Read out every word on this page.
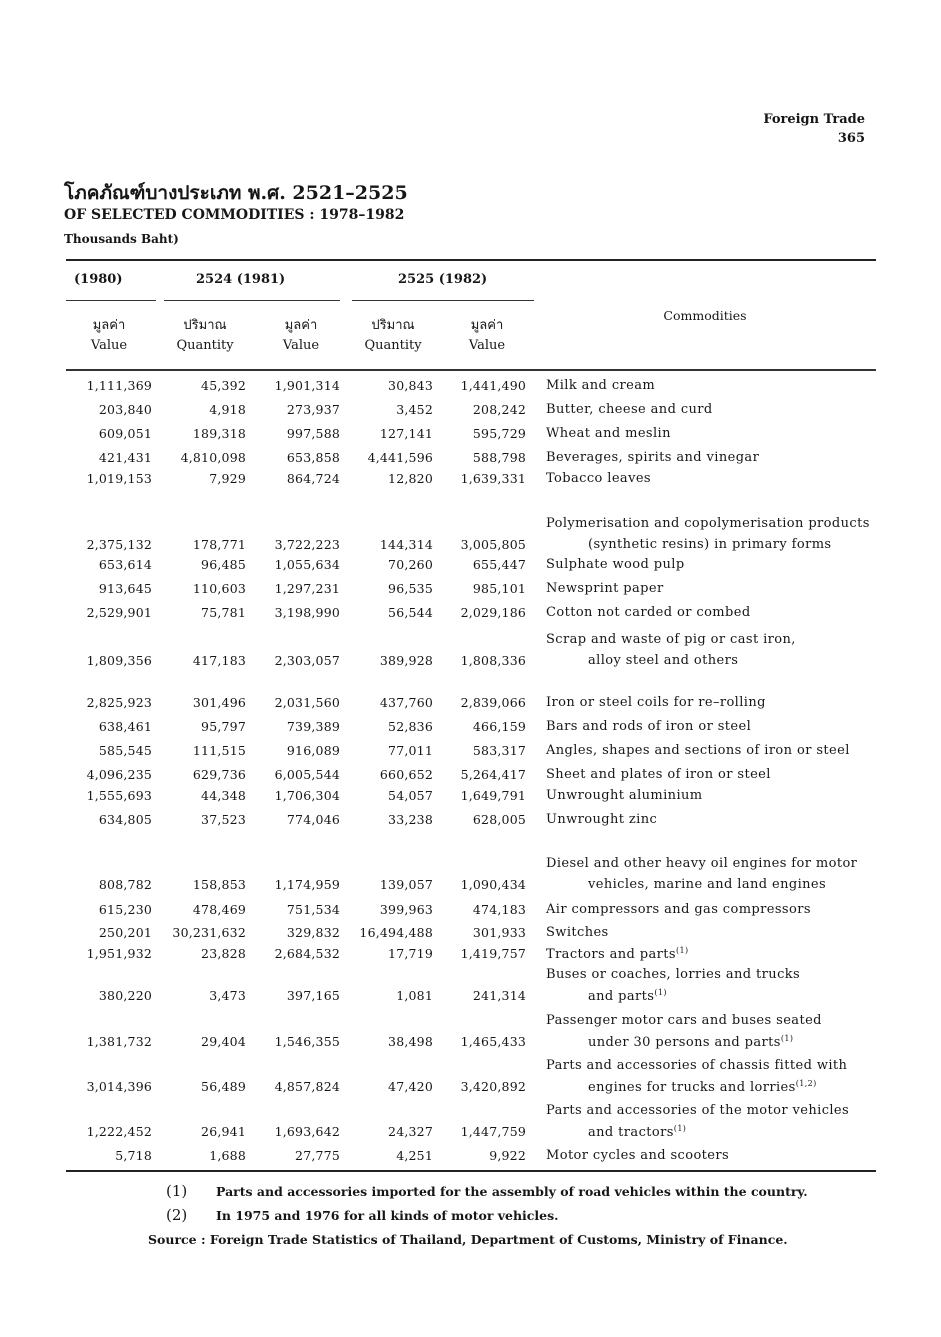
Foreign Trade
365
โภคภัณฑ์บางประเภท พ.ศ. 2521–2525
OF SELECTED COMMODITIES : 1978–1982
Thousands Baht)
(1980)	2524 (1981)	2525 (1982)
มูลค่า
Value
ปริมาณ
Quantity
มูลค่า
Value
ปริมาณ
Quantity
มูลค่า
Value
Commodities
1,111,369	45,392	1,901,314	30,843	1,441,490 Milk and cream
203,840	4,918	273,937	3,452	208,242 Butter, cheese and curd
609,051	189,318	997,588	127,141	595,729 Wheat and meslin
421,431	4,810,098	653,858	4,441,596	588,798 Beverages, spirits and vinegar
1,019,153	7,929	864,724	12,820	1,639,331 Tobacco leaves
2,375,132	178,771	3,722,223	144,314	3,005,805
Polymerisation and copolymerisation products
(synthetic resins) in primary forms
653,614	96,485	1,055,634	70,260	655,447 Sulphate wood pulp
913,645	110,603	1,297,231	96,535	985,101 Newsprint paper
2,529,901	75,781	3,198,990	56,544	2,029,186 Cotton not carded or combed
1,809,356	417,183	2,303,057	389,928	1,808,336
Scrap and waste of pig or cast iron,
alloy steel and others
2,825,923	301,496	2,031,560	437,760	2,839,066 Iron or steel coils for re–rolling
638,461	95,797	739,389	52,836	466,159 Bars and rods of iron or steel
585,545	111,515	916,089	77,011	583,317 Angles, shapes and sections of iron or steel
4,096,235	629,736	6,005,544	660,652	5,264,417 Sheet and plates of iron or steel
1,555,693	44,348	1,706,304	54,057	1,649,791 Unwrought aluminium
634,805	37,523	774,046	33,238	628,005 Unwrought zinc
808,782	158,853	1,174,959	139,057	1,090,434
Diesel and other heavy oil engines for motor
vehicles, marine and land engines
615,230	478,469	751,534	399,963	474,183 Air compressors and gas compressors
250,201	30,231,632	329,832	16,494,488	301,933 Switches
1,951,932	23,828	2,684,532	17,719	1,419,757 Tractors and parts$^{(1)}$
380,220	3,473	397,165	1,081	241,314
Buses or coaches, lorries and trucks
and parts$^{(1)}$
1,381,732	29,404	1,546,355	38,498	1,465,433
Passenger motor cars and buses seated
under 30 persons and parts$^{(1)}$
3,014,396	56,489	4,857,824	47,420	3,420,892
Parts and accessories of chassis fitted with
engines for trucks and lorries$^{(1,2)}$
1,222,452	26,941	1,693,642	24,327	1,447,759
Parts and accessories of the motor vehicles
and tractors$^{(1)}$
5,718	1,688	27,775	4,251	9,922 Motor cycles and scooters
(1) Parts and accessories imported for the assembly of road vehicles within the country.
(2) In 1975 and 1976 for all kinds of motor vehicles.
Source : Foreign Trade Statistics of Thailand, Department of Customs, Ministry of Finance.
